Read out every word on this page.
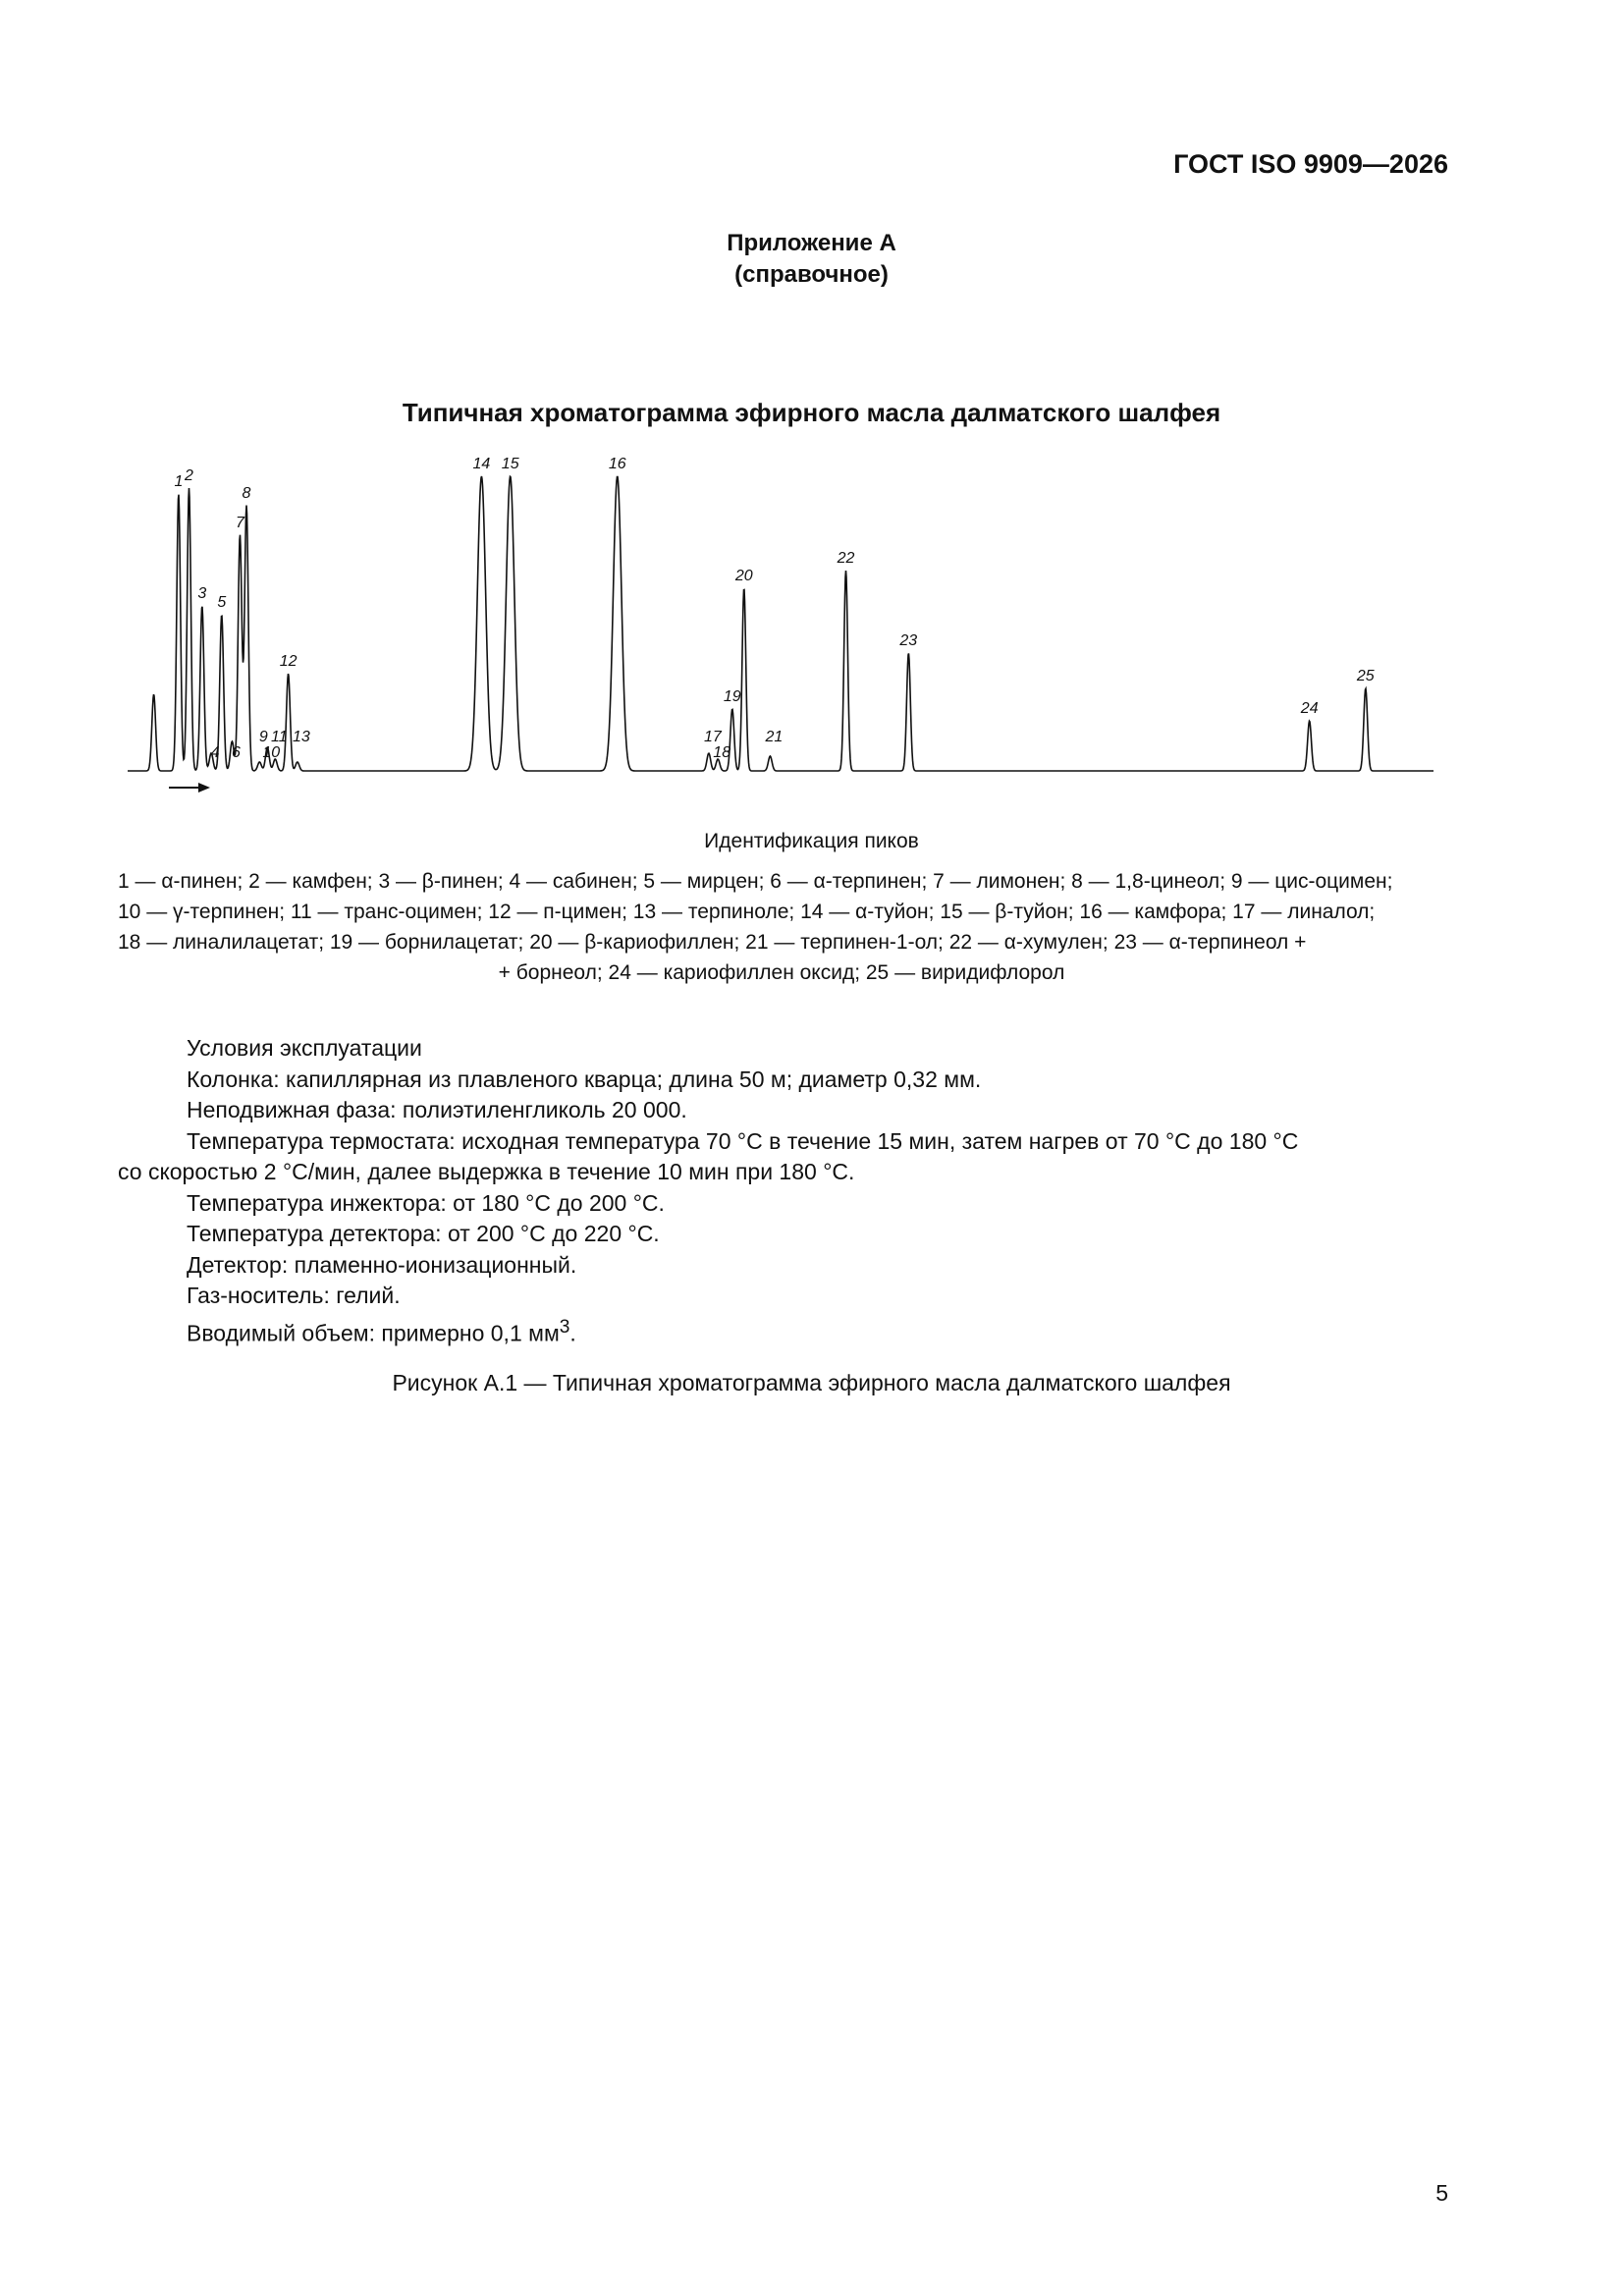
ГОСТ ISO 9909—2026
Приложение А
(справочное)
Типичная хроматограмма эфирного масла далматского шалфея
1 2
3
4
5
6
7
8
9
10
11
12
13
14 15	16
17
18
19
20
21
22
23
24
25
Идентификация пиков
1 — α-пинен; 2 — камфен; 3 — β-пинен; 4 — сабинен; 5 — мирцен; 6 — α-терпинен; 7 — лимонен; 8 — 1,8-цинеол; 9 — цис-оцимен;
10 — γ-терпинен; 11 — транс-оцимен; 12 — п-цимен; 13 — терпиноле; 14 — α-туйон; 15 — β-туйон; 16 — камфора; 17 — линалол;
18 — линалилацетат; 19 — борнилацетат; 20 — β-кариофиллен; 21 — терпинен-1-ол; 22 — α-хумулен; 23 — α-терпинеол +
+ борнеол; 24 — кариофиллен оксид; 25 — виридифлорол
Условия эксплуатации
Колонка: капиллярная из плавленого кварца; длина 50 м; диаметр 0,32 мм.
Неподвижная фаза: полиэтиленгликоль 20 000.
Температура термостата: исходная температура 70 °C в течение 15 мин, затем нагрев от 70 °C до 180 °C
со скоростью 2 °С/мин, далее выдержка в течение 10 мин при 180 °С.
Температура инжектора: от 180 °С до 200 °С.
Температура детектора: от 200 °С до 220 °С.
Детектор: пламенно-ионизационный.
Газ-носитель: гелий.
Вводимый объем: примерно 0,1 $мм^3$.
Рисунок А.1 — Типичная хроматограмма эфирного масла далматского шалфея
5
